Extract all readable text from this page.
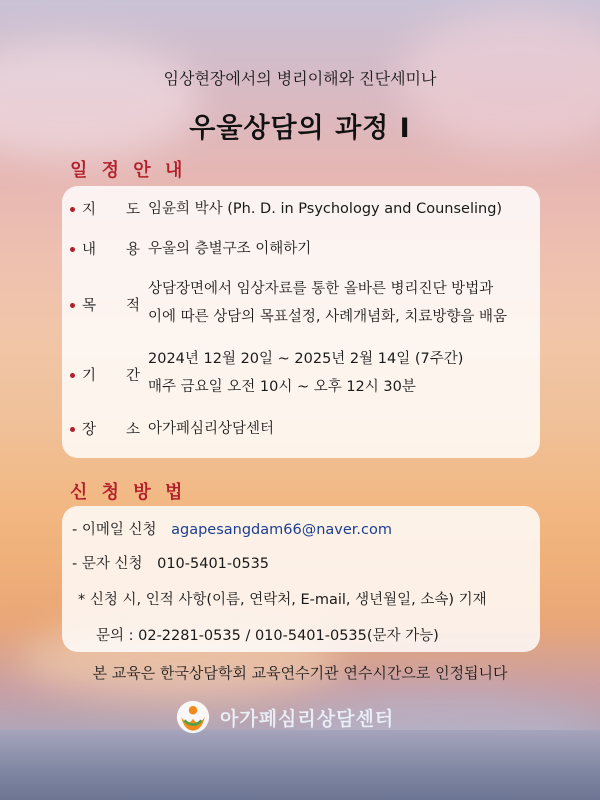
임상현장에서의 병리이해와 진단세미나
우울상담의 과정 Ⅰ
일 정 안 내
지 도 임윤희 박사 (Ph. D. in Psychology and Counseling)
내 용 우울의 층별구조 이해하기
목 적
상담장면에서 임상자료를 통한 올바른 병리진단 방법과
이에 따른 상담의 목표설정, 사례개념화, 치료방향을 배움
기 간
2024년 12월 20일 ~ 2025년 2월 14일 (7주간)
매주 금요일 오전 10시 ~ 오후 12시 30분
장 소 아가페심리상담센터
신 청 방 법
- 이메일 신청 agapesangdam66@naver.com
- 문자 신청 010-5401-0535
* 신청 시, 인적 사항(이름, 연락처, E-mail, 생년월일, 소속) 기재
문의 : 02-2281-0535 / 010-5401-0535(문자 가능)
본 교육은 한국상담학회 교육연수기관 연수시간으로 인정됩니다
아가페심리상담센터
